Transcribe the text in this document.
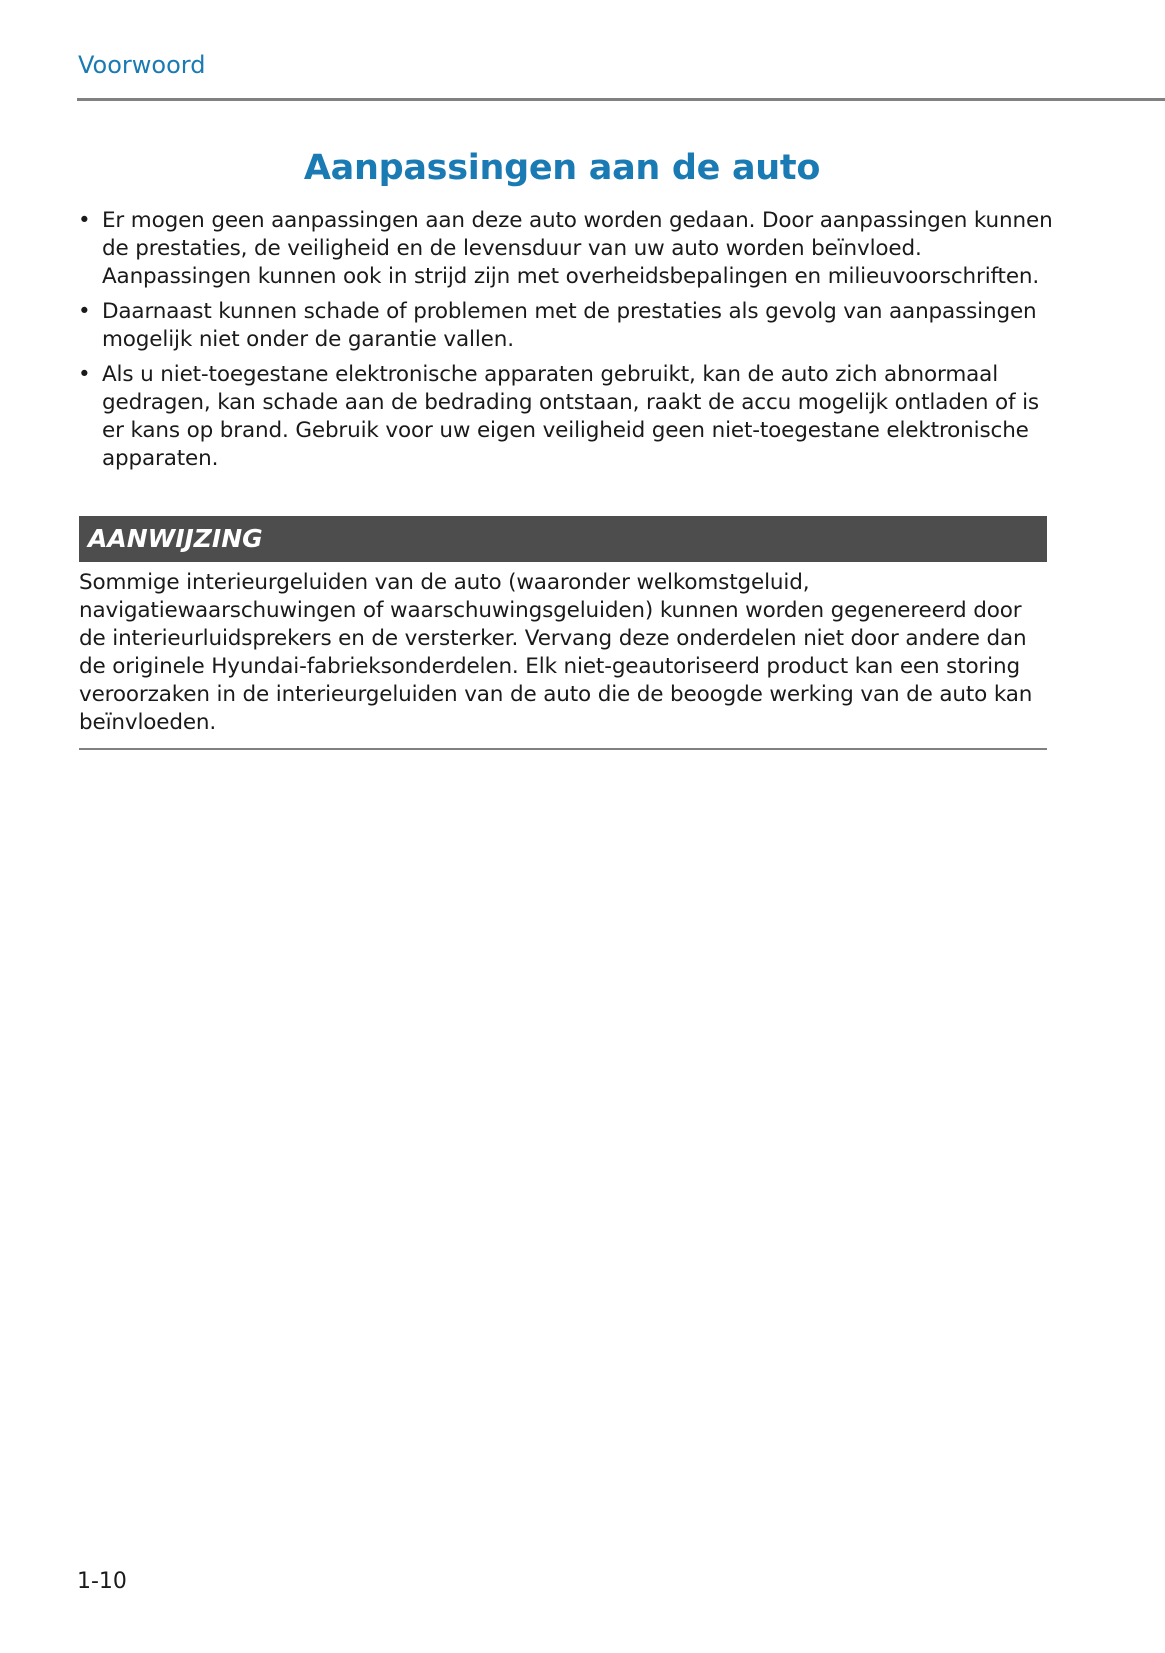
Voorwoord
Aanpassingen aan de auto
• Er mogen geen aanpassingen aan deze auto worden gedaan. Door aanpassingen kunnen de prestaties, de veiligheid en de levensduur van uw auto worden beïnvloed. Aanpassingen kunnen ook in strijd zijn met overheidsbepalingen en milieuvoorschriften.
• Daarnaast kunnen schade of problemen met de prestaties als gevolg van aanpassingen mogelijk niet onder de garantie vallen.
• Als u niet-toegestane elektronische apparaten gebruikt, kan de auto zich abnormaal gedragen, kan schade aan de bedrading ontstaan, raakt de accu mogelijk ontladen of is er kans op brand. Gebruik voor uw eigen veiligheid geen niet-toegestane elektronische apparaten.
AANWIJZING

Sommige interieurgeluiden van de auto (waaronder welkomstgeluid, navigatiewaarschuwingen of waarschuwingsgeluiden) kunnen worden gegenereerd door de interieurluidsprekers en de versterker. Vervang deze onderdelen niet door andere dan de originele Hyundai-fabrieksonderdelen. Elk niet-geautoriseerd product kan een storing veroorzaken in de interieurgeluiden van de auto die de beoogde werking van de auto kan beïnvloeden.

1-10
